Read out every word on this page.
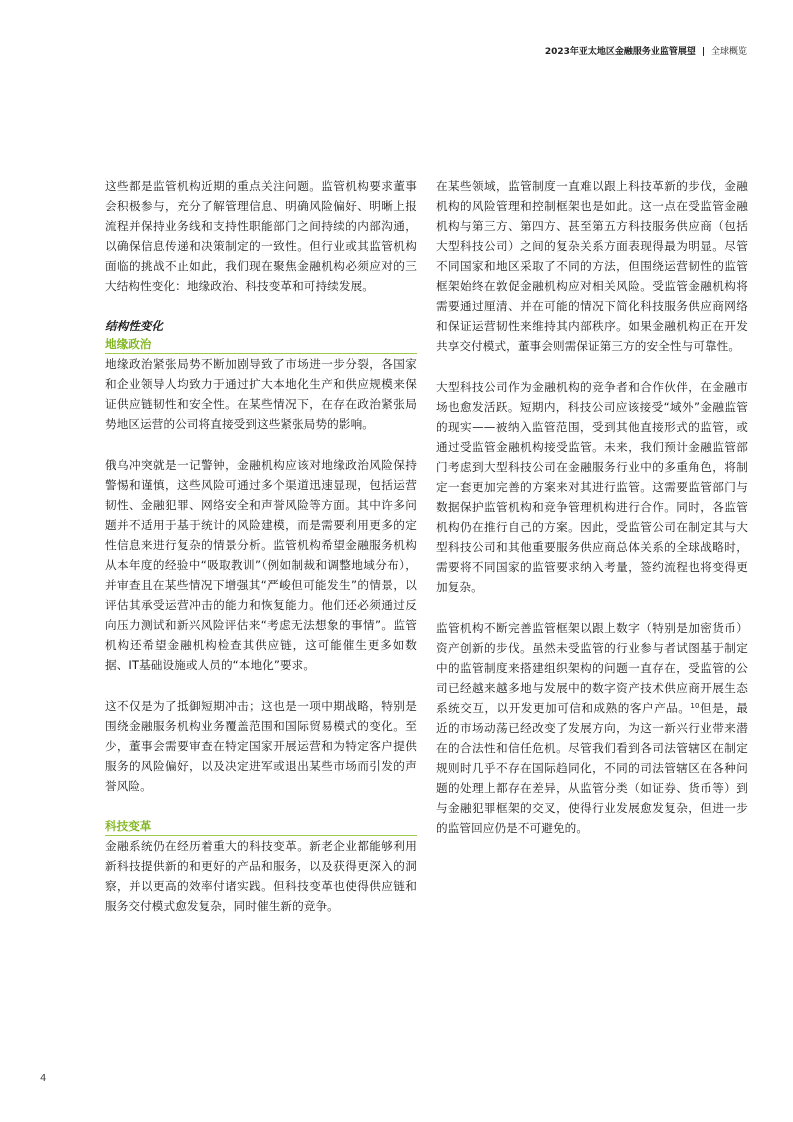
2023年亚太地区金融服务业监管展望 | 全球概览

这些都是监管机构近期的重点关注问题。监管机构要求董事会积极参与，充分了解管理信息、明确风险偏好、明晰上报流程并保持业务线和支持性职能部门之间持续的内部沟通，以确保信息传递和决策制定的一致性。但行业或其监管机构面临的挑战不止如此，我们现在聚焦金融机构必须应对的三大结构性变化：地缘政治、科技变革和可持续发展。

结构性变化
地缘政治

地缘政治紧张局势不断加剧导致了市场进一步分裂，各国家和企业领导人均致力于通过扩大本地化生产和供应规模来保证供应链韧性和安全性。在某些情况下，在存在政治紧张局势地区运营的公司将直接受到这些紧张局势的影响。

俄乌冲突就是一记警钟，金融机构应该对地缘政治风险保持警惕和谨慎，这些风险可通过多个渠道迅速显现，包括运营韧性、金融犯罪、网络安全和声誉风险等方面。其中许多问题并不适用于基于统计的风险建模，而是需要利用更多的定性信息来进行复杂的情景分析。监管机构希望金融服务机构从本年度的经验中“吸取教训”（例如制裁和调整地域分布），并审查且在某些情况下增强其“严峻但可能发生”的情景，以评估其承受运营冲击的能力和恢复能力。他们还必须通过反向压力测试和新兴风险评估来“考虑无法想象的事情”。监管机构还希望金融机构检查其供应链，这可能催生更多如数据、IT基础设施或人员的“本地化”要求。

这不仅是为了抵御短期冲击；这也是一项中期战略，特别是围绕金融服务机构业务覆盖范围和国际贸易模式的变化。至少，董事会需要审查在特定国家开展运营和为特定客户提供服务的风险偏好，以及决定进军或退出某些市场而引发的声誉风险。

科技变革

金融系统仍在经历着重大的科技变革。新老企业都能够利用新科技提供新的和更好的产品和服务，以及获得更深入的洞察，并以更高的效率付诸实践。但科技变革也使得供应链和服务交付模式愈发复杂，同时催生新的竞争。

在某些领域，监管制度一直难以跟上科技革新的步伐，金融机构的风险管理和控制框架也是如此。这一点在受监管金融机构与第三方、第四方、甚至第五方科技服务供应商（包括大型科技公司）之间的复杂关系方面表现得最为明显。尽管不同国家和地区采取了不同的方法，但围绕运营韧性的监管框架始终在敦促金融机构应对相关风险。受监管金融机构将需要通过厘清、并在可能的情况下简化科技服务供应商网络和保证运营韧性来维持其内部秩序。如果金融机构正在开发共享交付模式，董事会则需保证第三方的安全性与可靠性。

大型科技公司作为金融机构的竞争者和合作伙伴，在金融市场也愈发活跃。短期内，科技公司应该接受“域外”金融监管的现实——被纳入监管范围，受到其他直接形式的监管，或通过受监管金融机构接受监管。未来，我们预计金融监管部门考虑到大型科技公司在金融服务行业中的多重角色，将制定一套更加完善的方案来对其进行监管。这需要监管部门与数据保护监管机构和竞争管理机构进行合作。同时，各监管机构仍在推行自己的方案。因此，受监管公司在制定其与大型科技公司和其他重要服务供应商总体关系的全球战略时，需要将不同国家的监管要求纳入考量，签约流程也将变得更加复杂。

监管机构不断完善监管框架以跟上数字（特别是加密货币）资产创新的步伐。虽然未受监管的行业参与者试图基于制定中的监管制度来搭建组织架构的问题一直存在，受监管的公司已经越来越多地与发展中的数字资产技术供应商开展生态系统交互，以开发更加可信和成熟的客户产品。$^{10}$但是，最近的市场动荡已经改变了发展方向，为这一新兴行业带来潜在的合法性和信任危机。尽管我们看到各司法管辖区在制定规则时几乎不存在国际趋同化，不同的司法管辖区在各种问题的处理上都存在差异，从监管分类（如证券、货币等）到与金融犯罪框架的交叉，使得行业发展愈发复杂，但进一步的监管回应仍是不可避免的。

4
